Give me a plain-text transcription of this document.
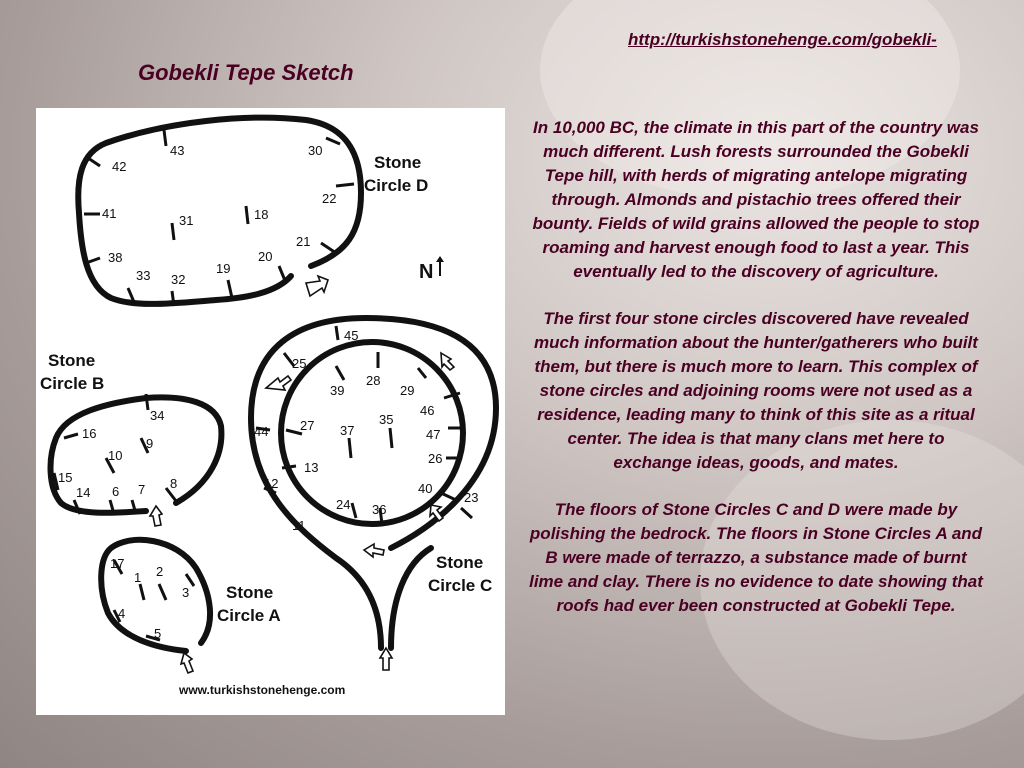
http://turkishstonehenge.com/gobekli-
Gobekli Tepe Sketch
N
Stone
Circle D
Stone
Circle B
Stone
Circle C
Stone
Circle A
43	30
42
22
41	31	18
21
38
33 32
19
20
34
16
9
10
15
14 6 7 8
45
25
39
28
29
46
44 27 37
35
47
26
13
12	40
23
24 36
11
17
1 2
3
4
5
www.turkishstonehenge.com

In 10,000 BC, the climate in this part of the country was much different. Lush forests surrounded the Gobekli Tepe hill, with herds of migrating antelope migrating through. Almonds and pistachio trees offered their bounty. Fields of wild grains allowed the people to stop roaming and harvest enough food to last a year. This eventually led to the discovery of agriculture.

The first four stone circles discovered have revealed much information about the hunter/gatherers who built them, but there is much more to learn. This complex of stone circles and adjoining rooms were not used as a residence, leading many to think of this site as a ritual center. The idea is that many clans met here to exchange ideas, goods, and mates.

The floors of Stone Circles C and D were made by polishing the bedrock. The floors in Stone Circles A and B were made of terrazzo, a substance made of burnt lime and clay. There is no evidence to date showing that roofs had ever been constructed at Gobekli Tepe.
